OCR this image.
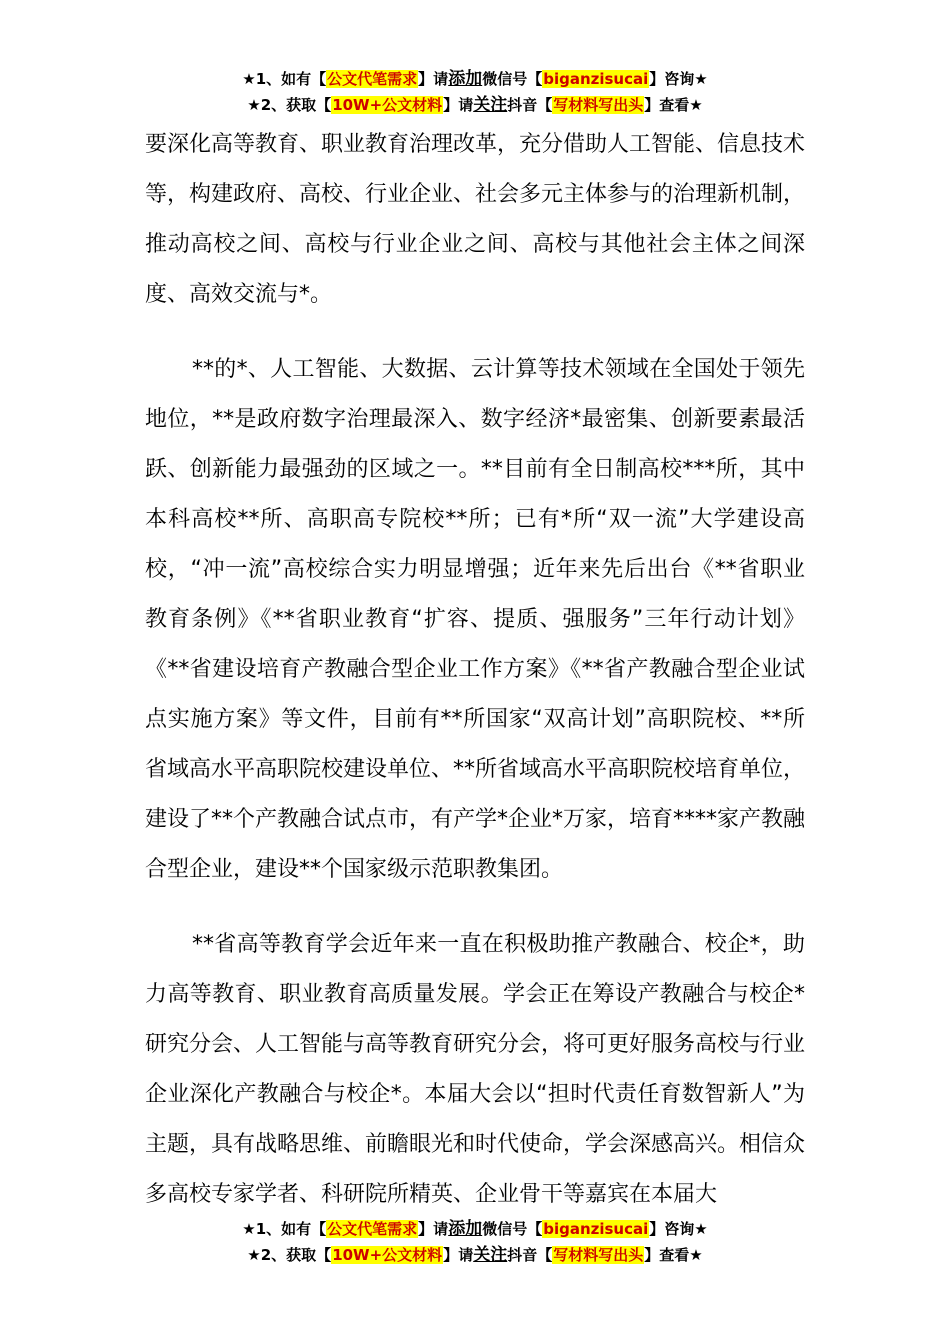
★1、如有【公文代笔需求】请添加微信号【biganzisucai】咨询★
★2、获取【10W+公文材料】请关注抖音【写材料写出头】查看★

要深化高等教育、职业教育治理改革，充分借助人工智能、信息技术等，构建政府、高校、行业企业、社会多元主体参与的治理新机制，推动高校之间、高校与行业企业之间、高校与其他社会主体之间深度、高效交流与*。

**的*、人工智能、大数据、云计算等技术领域在全国处于领先地位，**是政府数字治理最深入、数字经济*最密集、创新要素最活跃、创新能力最强劲的区域之一。**目前有全日制高校***所，其中本科高校**所、高职高专院校**所；已有*所“双一流”大学建设高校，“冲一流”高校综合实力明显增强；近年来先后出台《**省职业教育条例》《**省职业教育“扩容、提质、强服务”三年行动计划》《**省建设培育产教融合型企业工作方案》《**省产教融合型企业试点实施方案》等文件，目前有**所国家“双高计划”高职院校、**所省域高水平高职院校建设单位、**所省域高水平高职院校培育单位，建设了**个产教融合试点市，有产学*企业*万家，培育****家产教融合型企业，建设**个国家级示范职教集团。

**省高等教育学会近年来一直在积极助推产教融合、校企*，助力高等教育、职业教育高质量发展。学会正在筹设产教融合与校企*研究分会、人工智能与高等教育研究分会，将可更好服务高校与行业企业深化产教融合与校企*。本届大会以“担时代责任育数智新人”为主题，具有战略思维、前瞻眼光和时代使命，学会深感高兴。相信众多高校专家学者、科研院所精英、企业骨干等嘉宾在本届大

★1、如有【公文代笔需求】请添加微信号【biganzisucai】咨询★
★2、获取【10W+公文材料】请关注抖音【写材料写出头】查看★
